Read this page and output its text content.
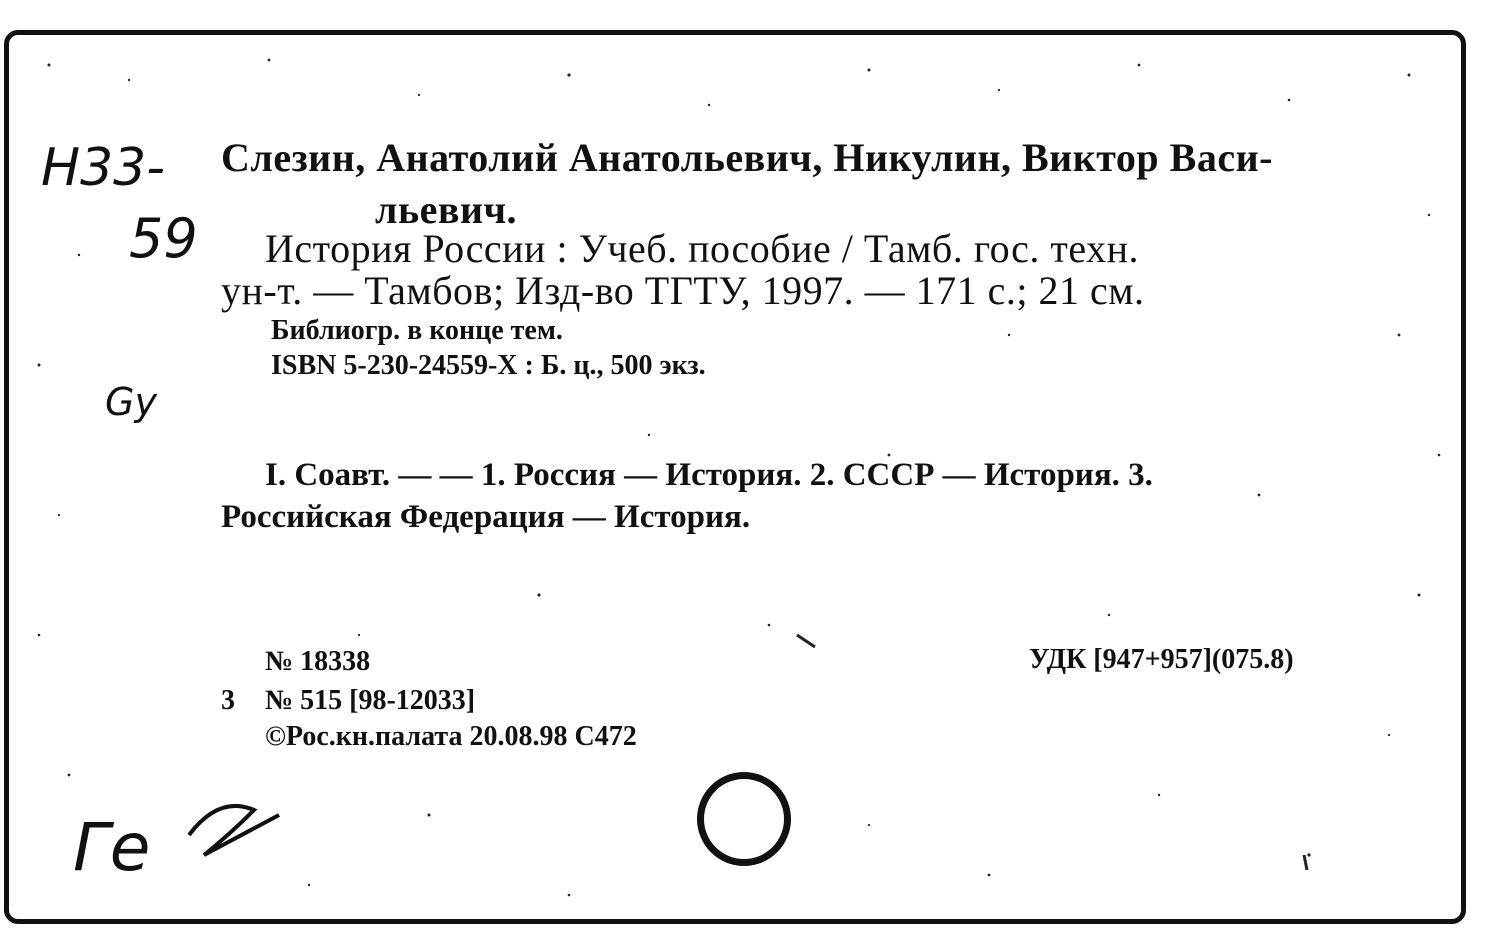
Н33-
59
Gy
Ге
Слезин, Анатолий Анатольевич, Никулин, Виктор Васи-
льевич.
История России : Учеб. пособие / Тамб. гос. техн.
ун-т. — Тамбов; Изд-во ТГТУ, 1997. — 171 с.; 21 см.
Библиогр. в конце тем.
ISBN 5-230-24559-X : Б. ц., 500 экз.
I. Соавт. — — 1. Россия — История. 2. СССР — История. 3.
Российская Федерация — История.
№ 18338	УДК [947+957](075.8)
3 № 515 [98-12033]
©Рос.кн.палата 20.08.98 С472
